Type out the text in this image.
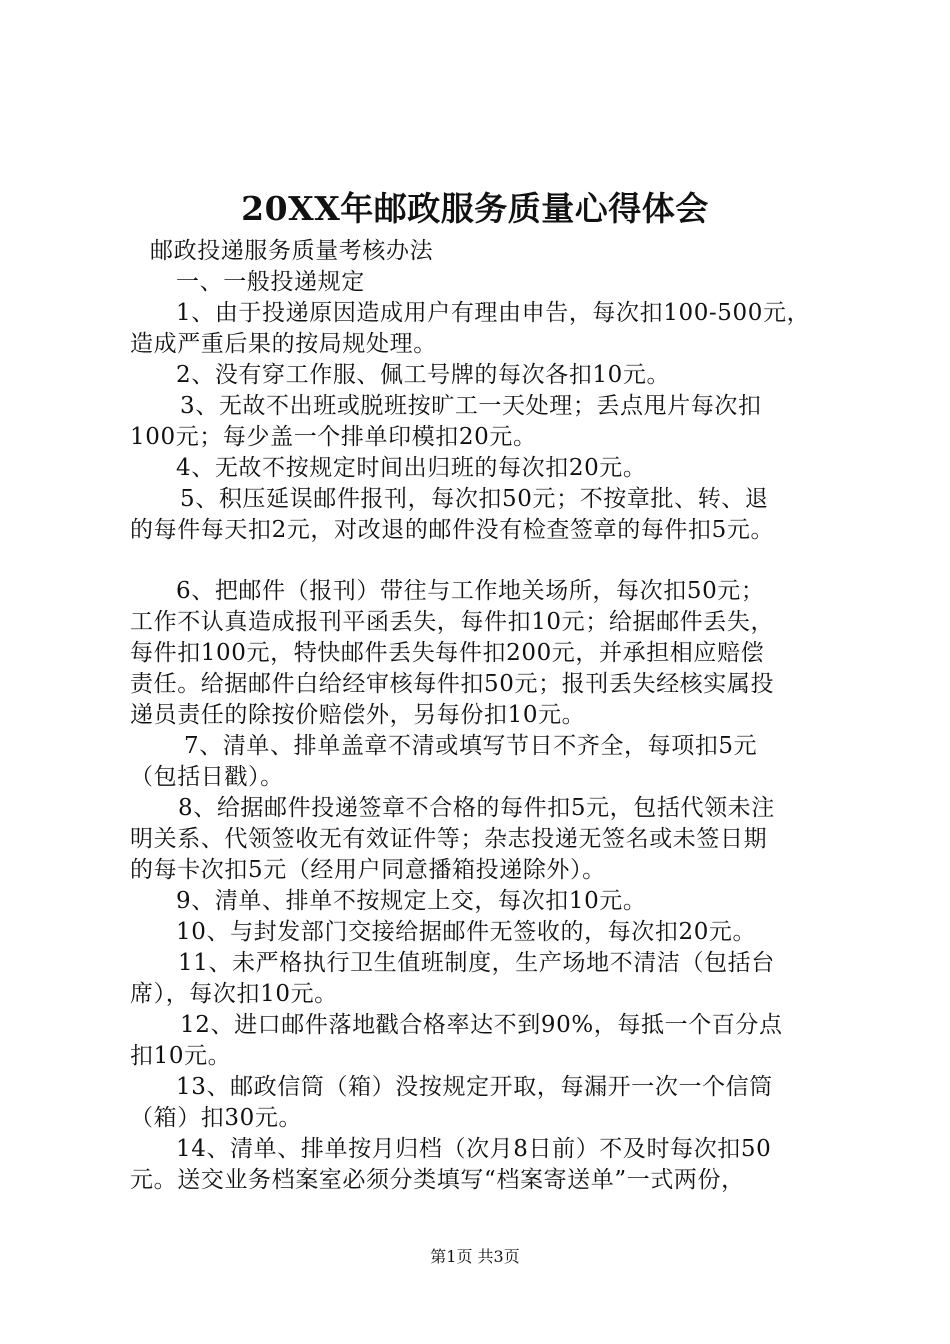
20XX年邮政服务质量心得体会
邮政投递服务质量考核办法
一、一般投递规定
1、由于投递原因造成用户有理由申告，每次扣100-500元，
造成严重后果的按局规处理。
2、没有穿工作服、佩工号牌的每次各扣10元。
3、无故不出班或脱班按旷工一天处理；丢点甩片每次扣
100元；每少盖一个排单印模扣20元。
4、无故不按规定时间出归班的每次扣20元。
5、积压延误邮件报刊，每次扣50元；不按章批、转、退
的每件每天扣2元，对改退的邮件没有检查签章的每件扣5元。
6、把邮件（报刊）带往与工作地关场所，每次扣50元；
工作不认真造成报刊平函丢失，每件扣10元；给据邮件丢失，
每件扣100元，特快邮件丢失每件扣200元，并承担相应赔偿
责任。给据邮件白给经审核每件扣50元；报刊丢失经核实属投
递员责任的除按价赔偿外，另每份扣10元。
7、清单、排单盖章不清或填写节日不齐全，每项扣5元
（包括日戳）。
8、给据邮件投递签章不合格的每件扣5元，包括代领未注
明关系、代领签收无有效证件等；杂志投递无签名或未签日期
的每卡次扣5元（经用户同意播箱投递除外）。
9、清单、排单不按规定上交，每次扣10元。
10、与封发部门交接给据邮件无签收的，每次扣20元。
11、未严格执行卫生值班制度，生产场地不清洁（包括台
席），每次扣10元。
12、进口邮件落地戳合格率达不到90%，每抵一个百分点
扣10元。
13、邮政信筒（箱）没按规定开取，每漏开一次一个信筒
（箱）扣30元。
14、清单、排单按月归档（次月8日前）不及时每次扣50
元。送交业务档案室必须分类填写“档案寄送单”一式两份，
第1页 共3页
